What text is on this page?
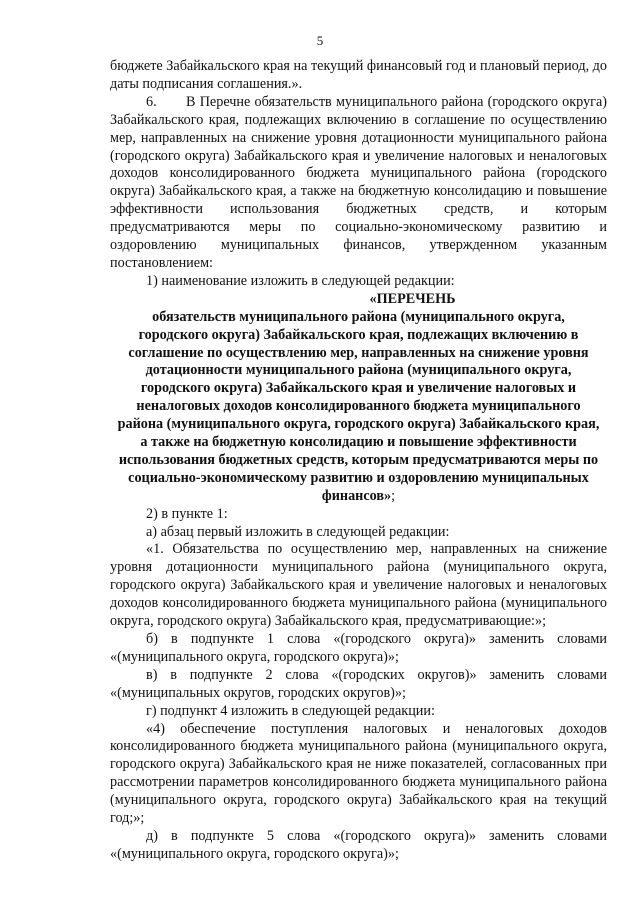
5

бюджете Забайкальского края на текущий финансовый год и плановый период, до даты подписания соглашения.».

6.       В Перечне обязательств муниципального района (городского округа) Забайкальского края, подлежащих включению в соглашение по осуществлению мер, направленных на снижение уровня дотационности муниципального района (городского округа) Забайкальского края и увеличение налоговых и неналоговых доходов консолидированного бюджета муниципального района (городского округа) Забайкальского края, а также на бюджетную консолидацию и повышение эффективности использования бюджетных средств, и которым предусматриваются меры по социально-экономическому развитию и оздоровлению муниципальных финансов, утвержденном указанным постановлением:

1) наименование изложить в следующей редакции:

«ПЕРЕЧЕНЬ
обязательств муниципального района (муниципального округа, городского округа) Забайкальского края, подлежащих включению в соглашение по осуществлению мер, направленных на снижение уровня дотационности муниципального района (муниципального округа, городского округа) Забайкальского края и увеличение налоговых и неналоговых доходов консолидированного бюджета муниципального района (муниципального округа, городского округа) Забайкальского края, а также на бюджетную консолидацию и повышение эффективности использования бюджетных средств, которым предусматриваются меры по социально-экономическому развитию и оздоровлению муниципальных финансов»;

2) в пункте 1:

а) абзац первый изложить в следующей редакции:

«1. Обязательства по осуществлению мер, направленных на снижение уровня дотационности муниципального района (муниципального округа, городского округа) Забайкальского края и увеличение налоговых и неналоговых доходов консолидированного бюджета муниципального района (муниципального округа, городского округа) Забайкальского края, предусматривающие:»;

б) в подпункте 1 слова «(городского округа)» заменить словами «(муниципального округа, городского округа)»;

в) в подпункте 2 слова «(городских округов)» заменить словами «(муниципальных округов, городских округов)»;

г) подпункт 4 изложить в следующей редакции:

«4) обеспечение поступления налоговых и неналоговых доходов консолидированного бюджета муниципального района (муниципального округа, городского округа) Забайкальского края не ниже показателей, согласованных при рассмотрении параметров консолидированного бюджета муниципального района (муниципального округа, городского округа) Забайкальского края на текущий год;»;

д) в подпункте 5 слова «(городского округа)» заменить словами «(муниципального округа, городского округа)»;
